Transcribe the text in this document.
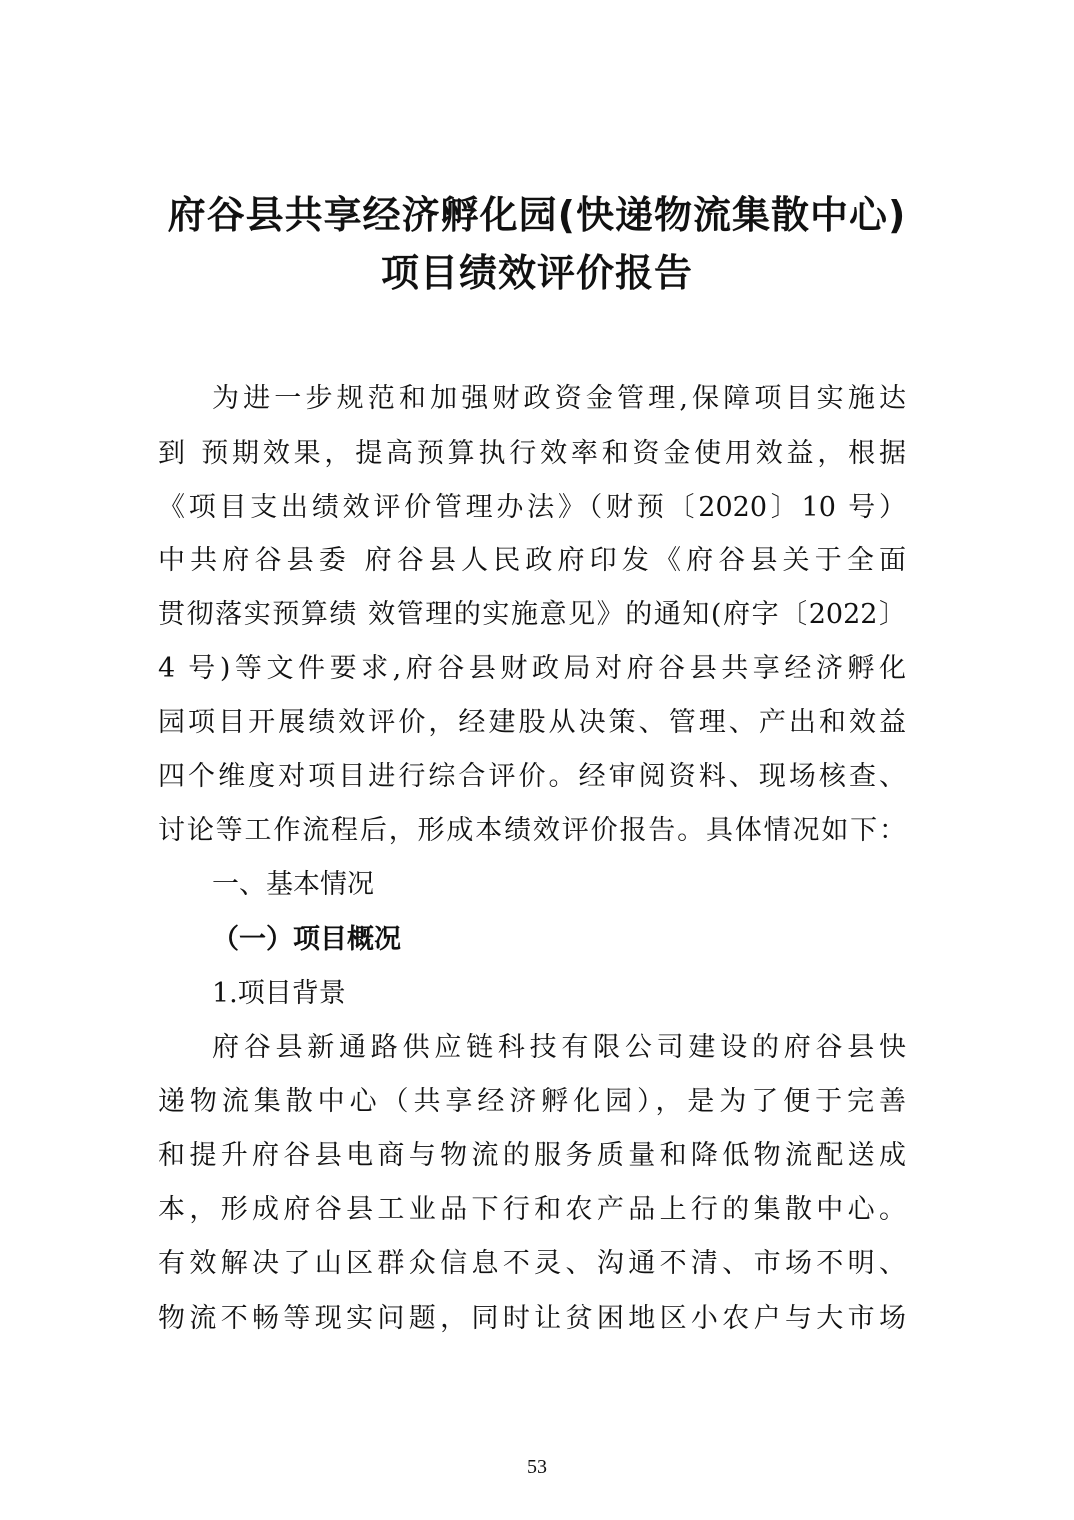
府谷县共享经济孵化园(快递物流集散中心)
项目绩效评价报告
为进一步规范和加强财政资金管理,保障项目实施达
到 预期效果，提高预算执行效率和资金使用效益，根据
《项目支出绩效评价管理办法》（财预〔2020〕10 号）
中共府谷县委 府谷县人民政府印发《府谷县关于全面
贯彻落实预算绩 效管理的实施意见》的通知(府字〔2022〕
4 号)等文件要求,府谷县财政局对府谷县共享经济孵化
园项目开展绩效评价，经建股从决策、管理、产出和效益
四个维度对项目进行综合评价。经审阅资料、现场核查、
讨论等工作流程后，形成本绩效评价报告。具体情况如下：
一、基本情况
（一）项目概况
1.项目背景
府谷县新通路供应链科技有限公司建设的府谷县快
递物流集散中心（共享经济孵化园），是为了便于完善
和提升府谷县电商与物流的服务质量和降低物流配送成
本，形成府谷县工业品下行和农产品上行的集散中心。
有效解决了山区群众信息不灵、沟通不清、市场不明、
物流不畅等现实问题，同时让贫困地区小农户与大市场
53
